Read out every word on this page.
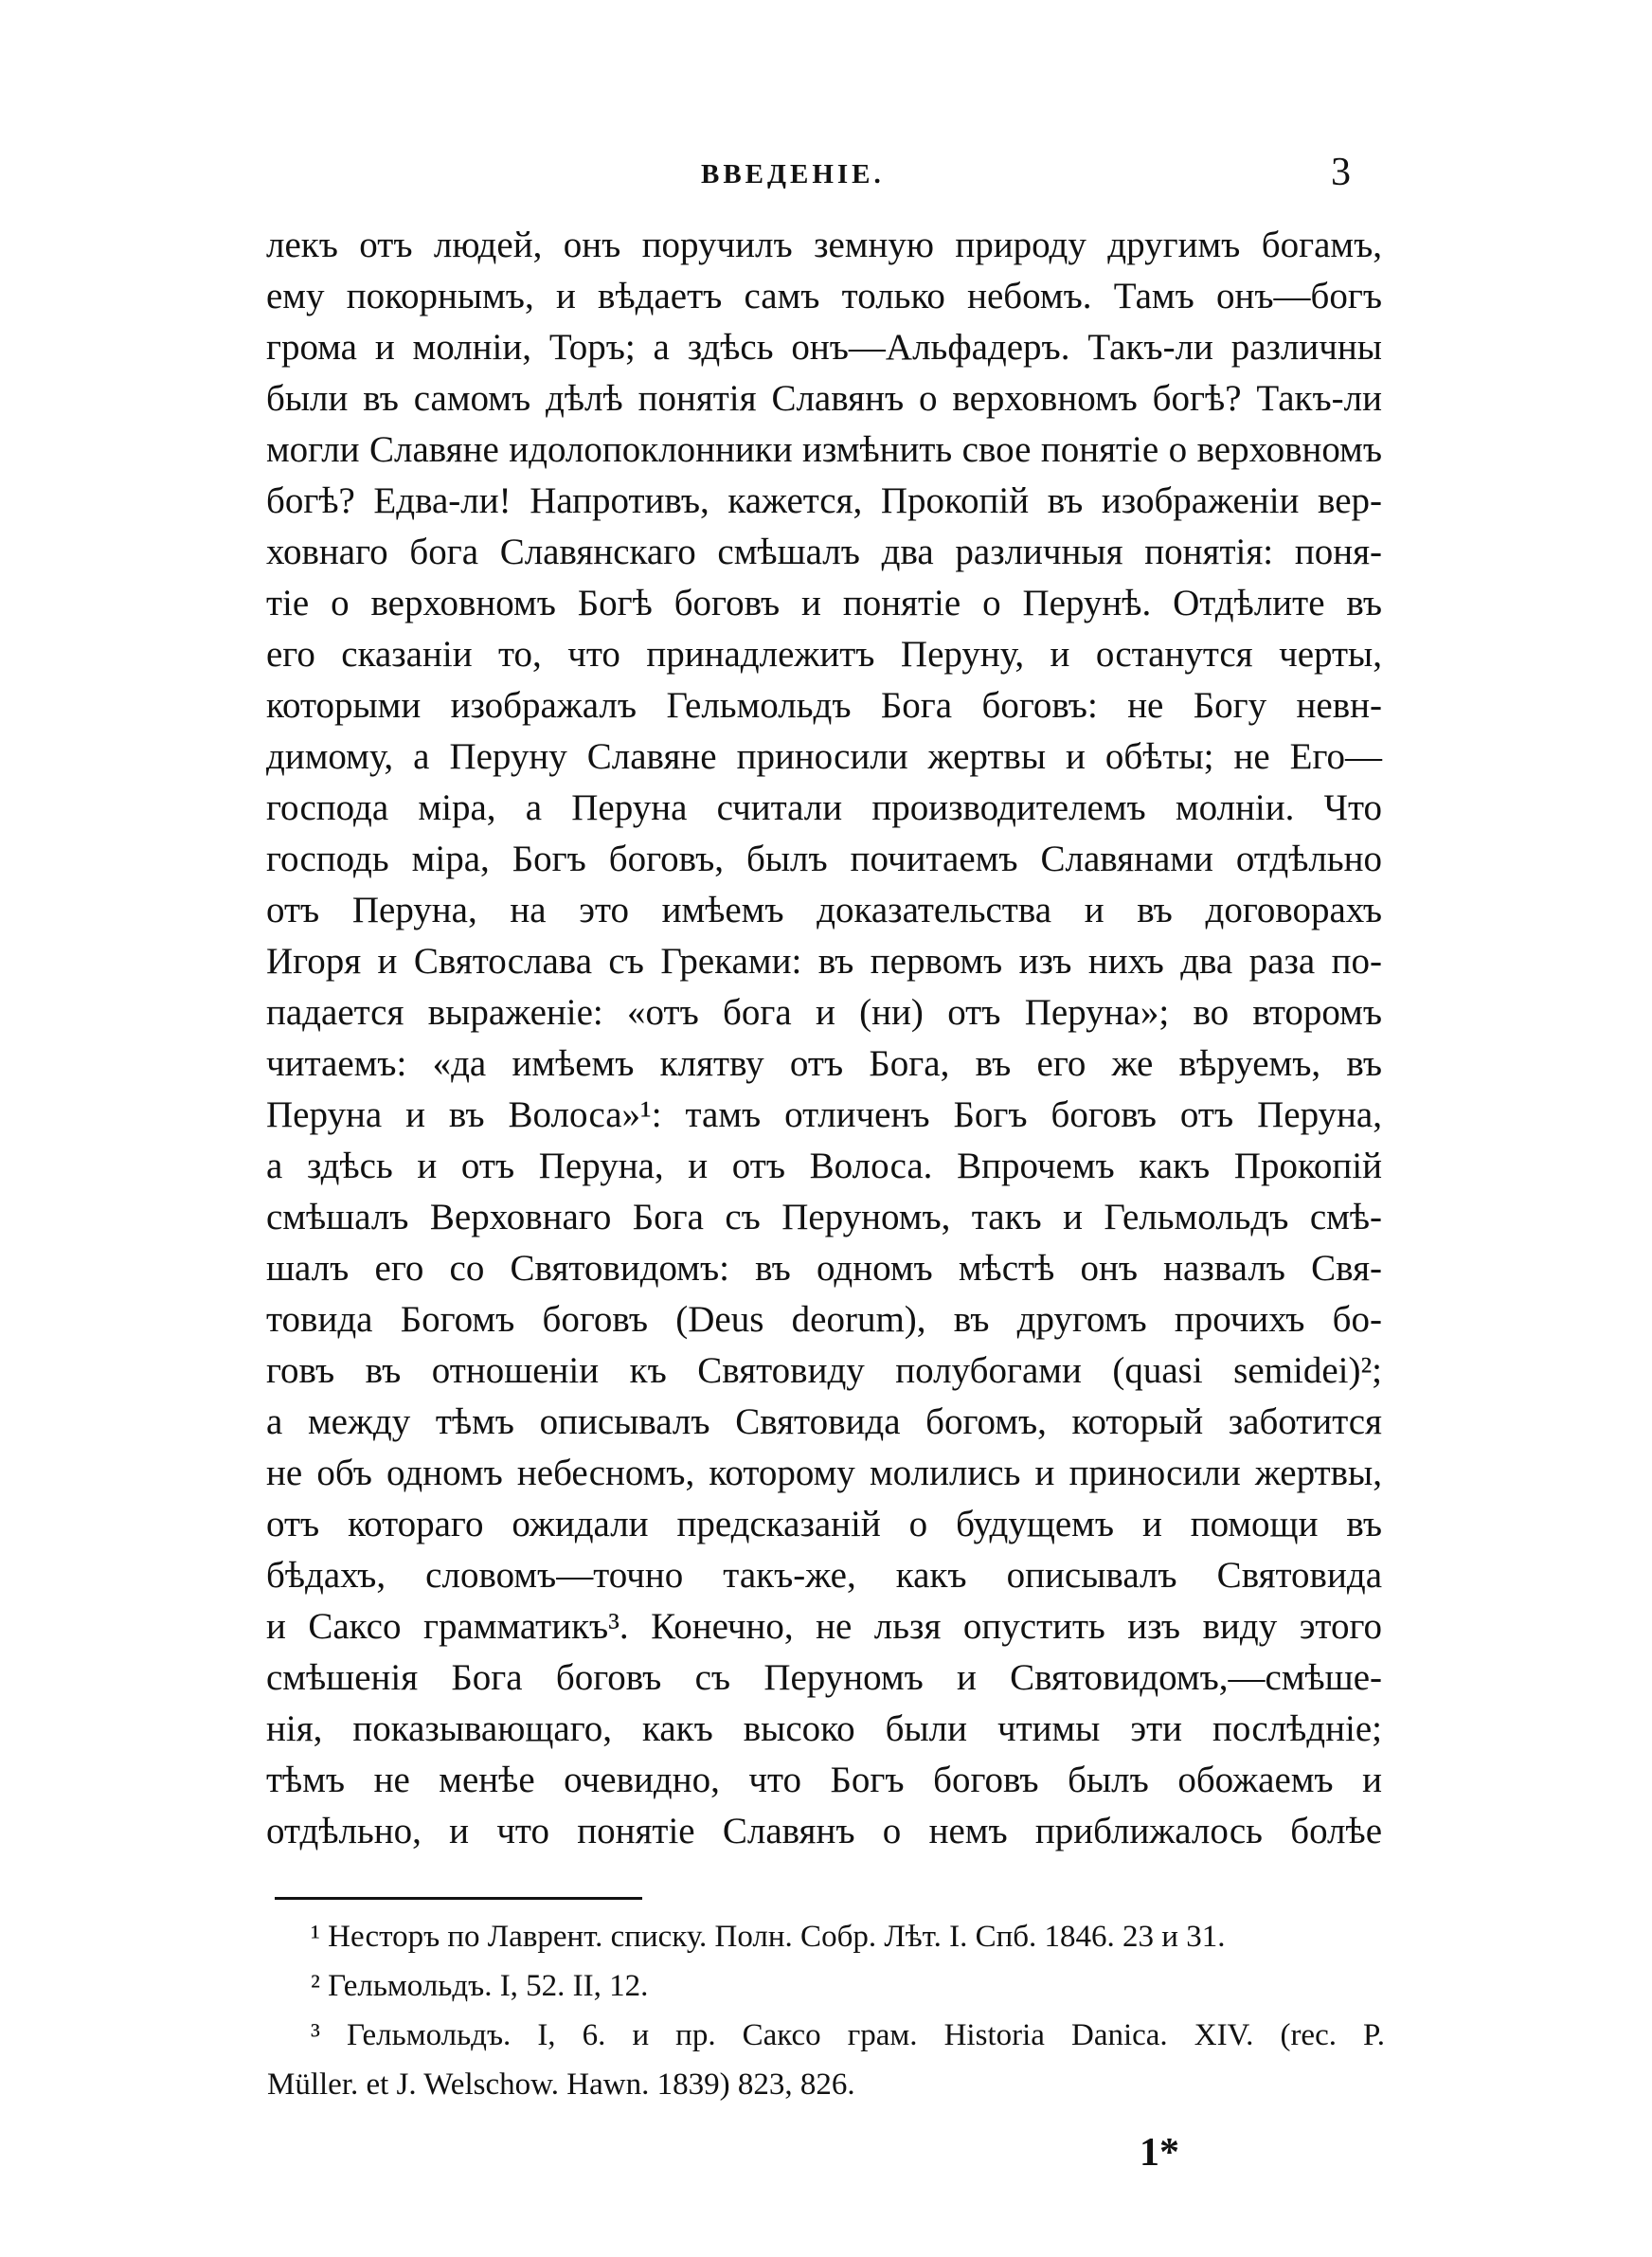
ВВЕДЕНІЕ.	3
лекъ отъ людей, онъ поручилъ земную природу другимъ богамъ,
ему покорнымъ, и вѣдаетъ самъ только небомъ. Тамъ онъ—богъ
грома и молніи, Торъ; а здѣсь онъ—Альфадеръ. Такъ-ли различны
были въ самомъ дѣлѣ понятія Славянъ о верховномъ богѣ? Такъ-ли
могли Славяне идолопоклонники измѣнить свое понятіе о верховномъ
богѣ? Едва-ли! Напротивъ, кажется, Прокопій въ изображеніи вер-
ховнаго бога Славянскаго смѣшалъ два различныя понятія: поня-
тіе о верховномъ Богѣ боговъ и понятіе о Перунѣ. Отдѣлите въ
его сказаніи то, что принадлежитъ Перуну, и останутся черты,
которыми изображалъ Гельмольдъ Бога боговъ: не Богу невн-
димому, а Перуну Славяне приносили жертвы и обѣты; не Его—
господа міра, а Перуна считали производителемъ молніи. Что
господь міра, Богъ боговъ, былъ почитаемъ Славянами отдѣльно
отъ Перуна, на это имѣемъ доказательства и въ договорахъ
Игоря и Святослава съ Греками: въ первомъ изъ нихъ два раза по-
падается выраженіе: «отъ бога и (ни) отъ Перуна»; во второмъ
читаемъ: «да имѣемъ клятву отъ Бога, въ его же вѣруемъ, въ
Перуна и въ Волоса»¹: тамъ отличенъ Богъ боговъ отъ Перуна,
а здѣсь и отъ Перуна, и отъ Волоса. Впрочемъ какъ Прокопій
смѣшалъ Верховнаго Бога съ Перуномъ, такъ и Гельмольдъ смѣ-
шалъ его со Святовидомъ: въ одномъ мѣстѣ онъ назвалъ Свя-
товида Богомъ боговъ (Deus deorum), въ другомъ прочихъ бо-
говъ въ отношеніи къ Святовиду полубогами (quasi semidei)²;
а между тѣмъ описывалъ Святовида богомъ, который заботится
не объ одномъ небесномъ, которому молились и приносили жертвы,
отъ котораго ожидали предсказаній о будущемъ и помощи въ
бѣдахъ, словомъ—точно такъ-же, какъ описывалъ Святовида
и Саксо грамматикъ³. Конечно, не льзя опустить изъ виду этого
смѣшенія Бога боговъ съ Перуномъ и Святовидомъ,—смѣше-
нія, показывающаго, какъ высоко были чтимы эти послѣдніе;
тѣмъ не менѣе очевидно, что Богъ боговъ былъ обожаемъ и
отдѣльно, и что понятіе Славянъ о немъ приближалось болѣе
¹ Несторъ по Лаврент. списку. Полн. Собр. Лѣт. I. Спб. 1846. 23 и 31.
² Гельмольдъ. I, 52. II, 12.
³ Гельмольдъ. I, 6. и пр. Саксо грам. Historia Danica. XIV. (rec. P.
Müller. et J. Welschow. Hawn. 1839) 823, 826.
1*
